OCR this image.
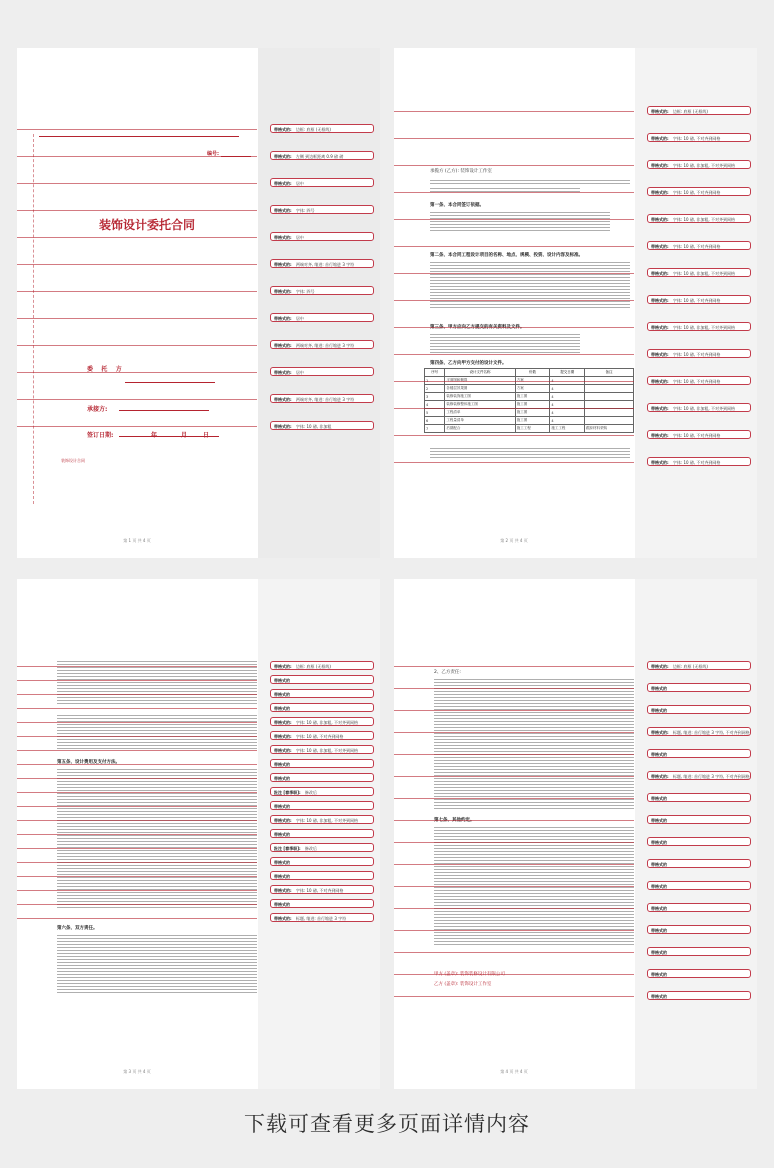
带格式的: 边框: 底框 (无框线)
带格式的: 左侧 到边框距离 0.9 磅 磅
带格式的: 居中
带格式的: 字体: 四号
带格式的: 居中
带格式的: 两端对齐, 缩进: 首行缩进 3 字符
带格式的: 字体: 四号
带格式的: 居中
带格式的: 两端对齐, 缩进: 首行缩进 3 字符
带格式的: 居中
带格式的: 两端对齐, 缩进: 首行缩进 3 字符
带格式的: 字体: 10 磅, 非加粗
编号:
装饰设计委托合同
委    托    方
承接方:
签订日期:	年	月	日
装饰设计合同
第 1 页 共 4 页
带格式的: 边框: 底框 (无框线)
带格式的: 字体: 10 磅, 不对齐到网格
带格式的: 字体: 10 磅, 非加粗, 不对齐到网格
带格式的: 字体: 10 磅, 不对齐到网格
带格式的: 字体: 10 磅, 非加粗, 不对齐到网格
带格式的: 字体: 10 磅, 不对齐到网格
带格式的: 字体: 10 磅, 非加粗, 不对齐到网格
带格式的: 字体: 10 磅, 不对齐到网格
带格式的: 字体: 10 磅, 非加粗, 不对齐到网格
带格式的: 字体: 10 磅, 不对齐到网格
带格式的: 字体: 10 磅, 不对齐到网格
带格式的: 字体: 10 磅, 非加粗, 不对齐到网格
带格式的: 字体: 10 磅, 不对齐到网格
带格式的: 字体: 10 磅, 不对齐到网格
承揽方 (乙方): 装饰设计工作室
第一条、本合同签订依据。
第二条、本合同工程设计项目的名称、地点、规模、投资、设计内容及标准。
第三条、甲方应向乙方提交的有关资料及文件。
第四条、乙方向甲方交付的设计文件。
序号	设计文件名称	份数	提交日期	备注
1	平面图和概算	方案	4	
2	各楼层效果图	方案	4	
3	装修装饰施工图	施工图	4	
4	装修装修整体施工图	施工图	4	
5	工程清单	施工图	4	
6	工程量清单	施工图	4	
7	后期配合	施工工程	施工工程	跟踪材料采购
第 2 页 共 4 页
带格式的: 边框: 底框 (无框线)
带格式的
带格式的
带格式的
带格式的: 字体: 10 磅, 非加粗, 不对齐到网格
带格式的: 字体: 10 磅, 不对齐到网格
带格式的: 字体: 10 磅, 非加粗, 不对齐到网格
带格式的
带格式的
批注 [春季职]: 修改后
带格式的
带格式的: 字体: 10 磅, 非加粗, 不对齐到网格
带格式的
批注 [春季职]: 修改后
带格式的
带格式的
带格式的: 字体: 10 磅, 不对齐到网格
带格式的
带格式的: 标题, 缩进: 首行缩进 3 字符
第五条、设计费用及支付方法。
第六条、双方责任。
第 3 页 共 4 页
带格式的: 边框: 底框 (无框线)
带格式的
带格式的
带格式的: 标题, 缩进: 首行缩进 3 字符, 不对齐到网格
带格式的
带格式的: 标题, 缩进: 首行缩进 3 字符, 不对齐到网格
带格式的
带格式的
带格式的
带格式的
带格式的
带格式的
带格式的
带格式的
带格式的
带格式的
2、乙方责任:
第七条、其他约定。
甲方 (盖章): 装饰装修设计有限公司
乙方 (盖章): 装饰设计工作室
第 4 页 共 4 页
下载可查看更多页面详情内容
